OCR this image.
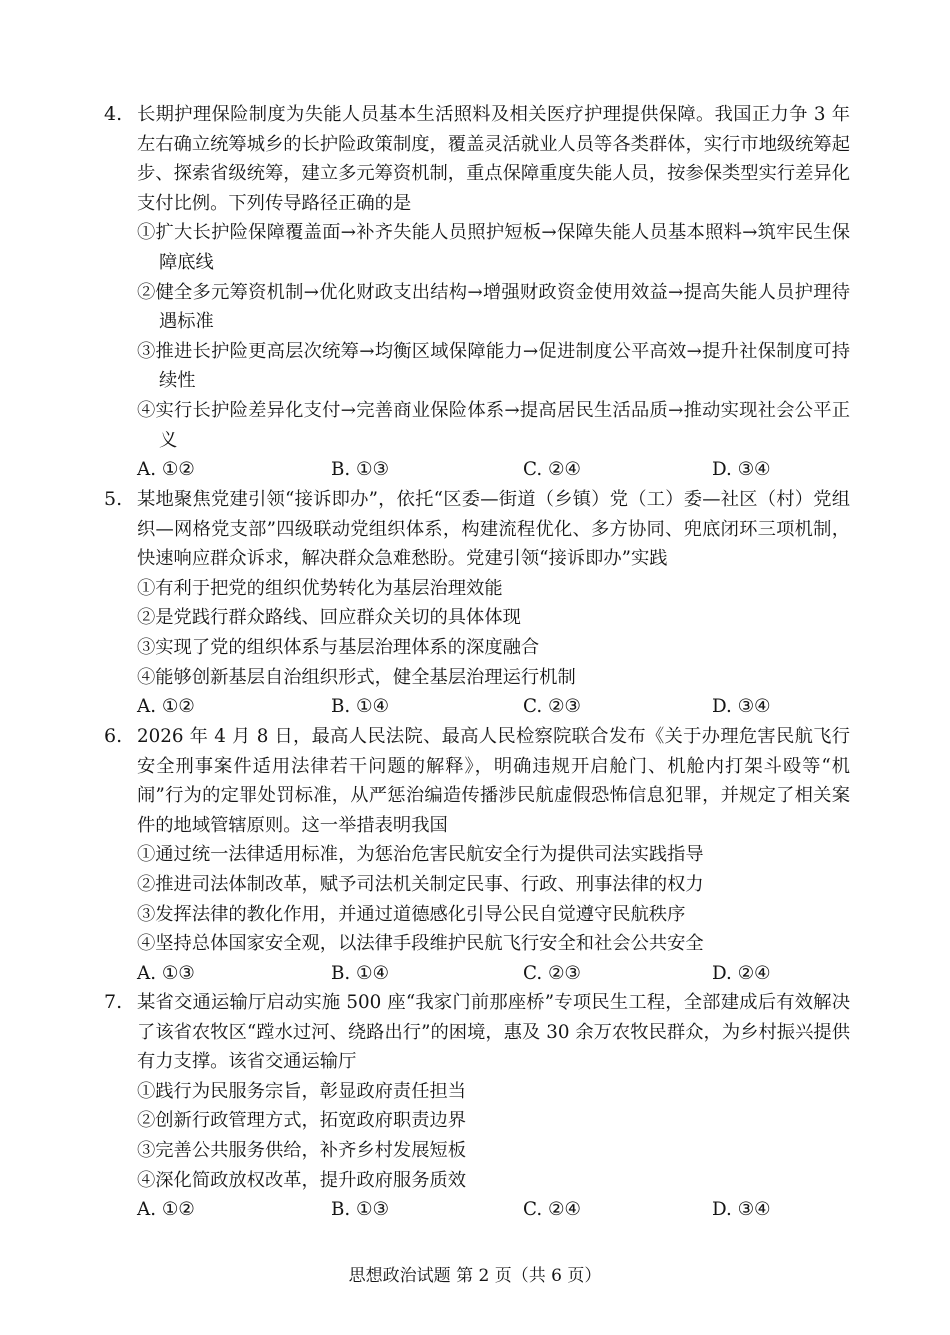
4. 长期护理保险制度为失能人员基本生活照料及相关医疗护理提供保障。我国正力争 3 年左右确立统筹城乡的长护险政策制度，覆盖灵活就业人员等各类群体，实行市地级统筹起步、探索省级统筹，建立多元筹资机制，重点保障重度失能人员，按参保类型实行差异化支付比例。下列传导路径正确的是
①扩大长护险保障覆盖面→补齐失能人员照护短板→保障失能人员基本照料→筑牢民生保障底线
②健全多元筹资机制→优化财政支出结构→增强财政资金使用效益→提高失能人员护理待遇标准
③推进长护险更高层次统筹→均衡区域保障能力→促进制度公平高效→提升社保制度可持续性
④实行长护险差异化支付→完善商业保险体系→提高居民生活品质→推动实现社会公平正义
A. ①②	B. ①③	C. ②④	D. ③④
5. 某地聚焦党建引领“接诉即办”，依托“区委—街道（乡镇）党（工）委—社区（村）党组织—网格党支部”四级联动党组织体系，构建流程优化、多方协同、兜底闭环三项机制，快速响应群众诉求，解决群众急难愁盼。党建引领“接诉即办”实践
①有利于把党的组织优势转化为基层治理效能
②是党践行群众路线、回应群众关切的具体体现
③实现了党的组织体系与基层治理体系的深度融合
④能够创新基层自治组织形式，健全基层治理运行机制
A. ①②	B. ①④	C. ②③	D. ③④
6. 2026 年 4 月 8 日，最高人民法院、最高人民检察院联合发布《关于办理危害民航飞行安全刑事案件适用法律若干问题的解释》，明确违规开启舱门、机舱内打架斗殴等“机闹”行为的定罪处罚标准，从严惩治编造传播涉民航虚假恐怖信息犯罪，并规定了相关案件的地域管辖原则。这一举措表明我国
①通过统一法律适用标准，为惩治危害民航安全行为提供司法实践指导
②推进司法体制改革，赋予司法机关制定民事、行政、刑事法律的权力
③发挥法律的教化作用，并通过道德感化引导公民自觉遵守民航秩序
④坚持总体国家安全观，以法律手段维护民航飞行安全和社会公共安全
A. ①③	B. ①④	C. ②③	D. ②④
7. 某省交通运输厅启动实施 500 座“我家门前那座桥”专项民生工程，全部建成后有效解决了该省农牧区“蹚水过河、绕路出行”的困境，惠及 30 余万农牧民群众，为乡村振兴提供有力支撑。该省交通运输厅
①践行为民服务宗旨，彰显政府责任担当
②创新行政管理方式，拓宽政府职责边界
③完善公共服务供给，补齐乡村发展短板
④深化简政放权改革，提升政府服务质效
A. ①②	B. ①③	C. ②④	D. ③④
思想政治试题 第 2 页（共 6 页）
